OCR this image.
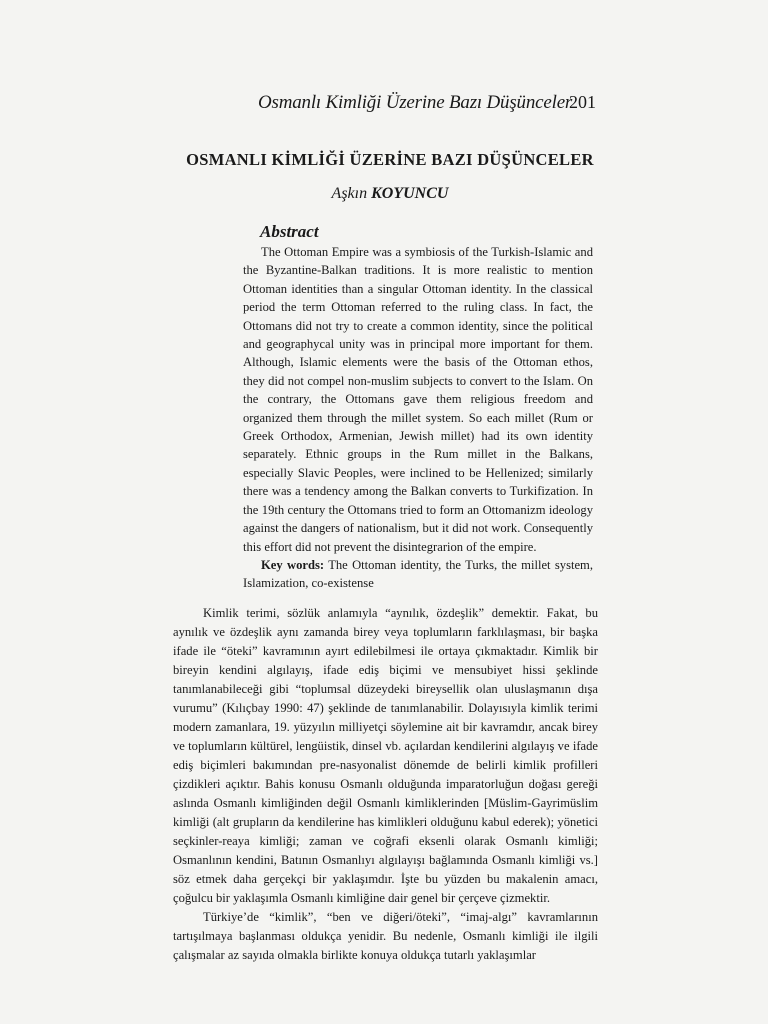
Osmanlı Kimliği Üzerine Bazı Düşünceler
201
OSMANLI KİMLİĞİ ÜZERİNE BAZI DÜŞÜNCELER
Aşkın KOYUNCU
Abstract

The Ottoman Empire was a symbiosis of the Turkish-Islamic and the Byzantine-Balkan traditions. It is more realistic to mention Ottoman identities than a singular Ottoman identity. In the classical period the term Ottoman referred to the ruling class. In fact, the Ottomans did not try to create a common identity, since the political and geographycal unity was in principal more important for them. Although, Islamic elements were the basis of the Ottoman ethos, they did not compel non-muslim subjects to convert to the Islam. On the contrary, the Ottomans gave them religious freedom and organized them through the millet system. So each millet (Rum or Greek Orthodox, Armenian, Jewish millet) had its own identity separately. Ethnic groups in the Rum millet in the Balkans, especially Slavic Peoples, were inclined to be Hellenized; similarly there was a tendency among the Balkan converts to Turkifization. In the 19th century the Ottomans tried to form an Ottomanizm ideology against the dangers of nationalism, but it did not work. Consequently this effort did not prevent the disintegrarion of the empire.

Key words: The Ottoman identity, the Turks, the millet system, Islamization, co-existense

Kimlik terimi, sözlük anlamıyla “aynılık, özdeşlik” demektir. Fakat, bu aynılık ve özdeşlik aynı zamanda birey veya toplumların farklılaşması, bir başka ifade ile “öteki” kavramının ayırt edilebilmesi ile ortaya çıkmaktadır. Kimlik bir bireyin kendini algılayış, ifade ediş biçimi ve mensubiyet hissi şeklinde tanımlanabileceği gibi “toplumsal düzeydeki bireysellik olan uluslaşmanın dışa vurumu” (Kılıçbay 1990: 47) şeklinde de tanımlanabilir. Dolayısıyla kimlik terimi modern zamanlara, 19. yüzyılın milliyetçi söylemine ait bir kavramdır, ancak birey ve toplumların kültürel, lengüistik, dinsel vb. açılardan kendilerini algılayış ve ifade ediş biçimleri bakımından pre-nasyonalist dönemde de belirli kimlik profilleri çizdikleri açıktır. Bahis konusu Osmanlı olduğunda imparatorluğun doğası gereği aslında Osmanlı kimliğinden değil Osmanlı kimliklerinden [Müslim-Gayrimüslim kimliği (alt grupların da kendilerine has kimlikleri olduğunu kabul ederek); yönetici seçkinler-reaya kimliği; zaman ve coğrafi eksenli olarak Osmanlı kimliği; Osmanlının kendini, Batının Osmanlıyı algılayışı bağlamında Osmanlı kimliği vs.] söz etmek daha gerçekçi bir yaklaşımdır. İşte bu yüzden bu makalenin amacı, çoğulcu bir yaklaşımla Osmanlı kimliğine dair genel bir çerçeve çizmektir.

Türkiye’de “kimlik”, “ben ve diğeri/öteki”, “imaj-algı” kavramlarının tartışılmaya başlanması oldukça yenidir. Bu nedenle, Osmanlı kimliği ile ilgili çalışmalar az sayıda olmakla birlikte konuya oldukça tutarlı yaklaşımlar
